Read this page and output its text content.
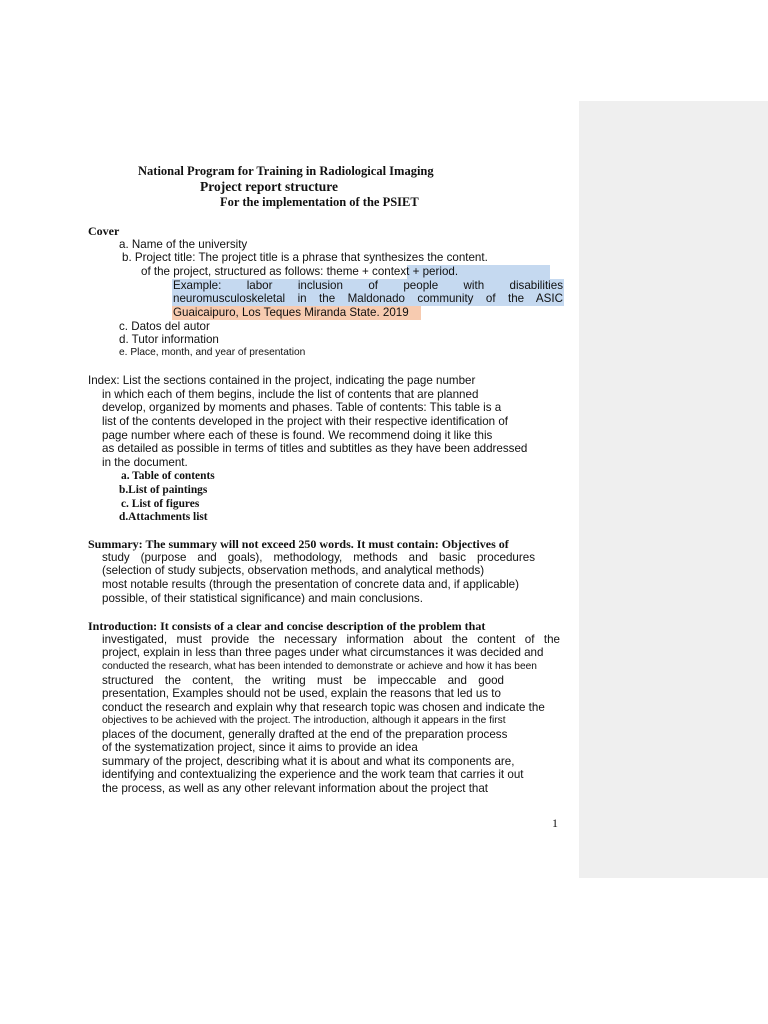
National Program for Training in Radiological Imaging
Project report structure
For the implementation of the PSIET
Cover
a. Name of the university
b. Project title: The project title is a phrase that synthesizes the content.
of the project, structured as follows: theme + context + period.
Example: labor inclusion of people with disabilities
neuromusculoskeletal in the Maldonado community of the ASIC
Guaicaipuro, Los Teques Miranda State. 2019
c. Datos del autor
d. Tutor information
e. Place, month, and year of presentation
Index: List the sections contained in the project, indicating the page number
in which each of them begins, include the list of contents that are planned
develop, organized by moments and phases. Table of contents: This table is a
list of the contents developed in the project with their respective identification of
page number where each of these is found. We recommend doing it like this
as detailed as possible in terms of titles and subtitles as they have been addressed
in the document.
a. Table of contents
b.List of paintings
c. List of figures
d.Attachments list
Summary: The summary will not exceed 250 words. It must contain: Objectives of
study (purpose and goals), methodology, methods and basic procedures
(selection of study subjects, observation methods, and analytical methods)
most notable results (through the presentation of concrete data and, if applicable)
possible, of their statistical significance) and main conclusions.
Introduction: It consists of a clear and concise description of the problem that
investigated, must provide the necessary information about the content of the
project, explain in less than three pages under what circumstances it was decided and
conducted the research, what has been intended to demonstrate or achieve and how it has been
structured the content, the writing must be impeccable and good
presentation, Examples should not be used, explain the reasons that led us to
conduct the research and explain why that research topic was chosen and indicate the
objectives to be achieved with the project. The introduction, although it appears in the first
places of the document, generally drafted at the end of the preparation process
of the systematization project, since it aims to provide an idea
summary of the project, describing what it is about and what its components are,
identifying and contextualizing the experience and the work team that carries it out
the process, as well as any other relevant information about the project that
1
